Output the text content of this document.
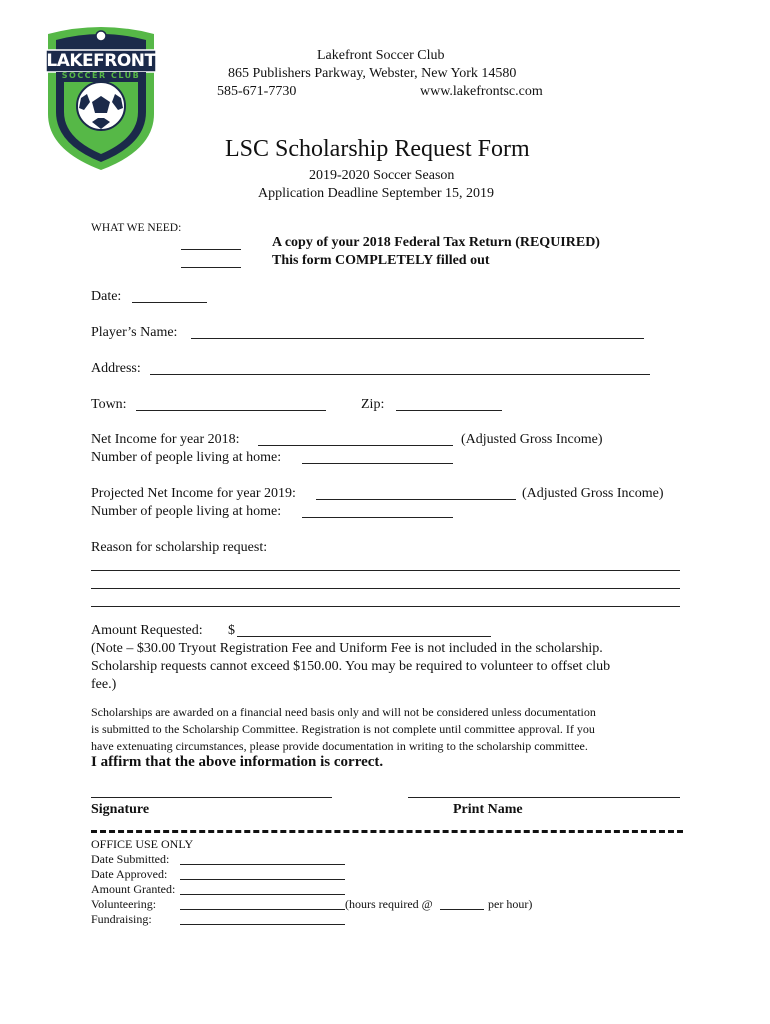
LAKEFRONT
SOCCER CLUB
Lakefront Soccer Club
865 Publishers Parkway, Webster, New York 14580
585-671-7730	www.lakefrontsc.com
LSC Scholarship Request Form
2019-2020 Soccer Season
Application Deadline September 15, 2019
WHAT WE NEED:
A copy of your 2018 Federal Tax Return (REQUIRED)
This form COMPLETELY filled out
Date:
Player’s Name:
Address:
Town:	Zip:
Net Income for year 2018:	(Adjusted Gross Income)
Number of people living at home:
Projected Net Income for year 2019:	(Adjusted Gross Income)
Number of people living at home:
Reason for scholarship request:
Amount Requested: $
(Note – $30.00 Tryout Registration Fee and Uniform Fee is not included in the scholarship.
Scholarship requests cannot exceed $150.00. You may be required to volunteer to offset club
fee.)
Scholarships are awarded on a financial need basis only and will not be considered unless documentation
is submitted to the Scholarship Committee. Registration is not complete until committee approval. If you
have extenuating circumstances, please provide documentation in writing to the scholarship committee.
I affirm that the above information is correct.
Signature	Print Name
OFFICE USE ONLY
Date Submitted:
Date Approved:
Amount Granted:
Volunteering:	(hours required @	per hour)
Fundraising:
